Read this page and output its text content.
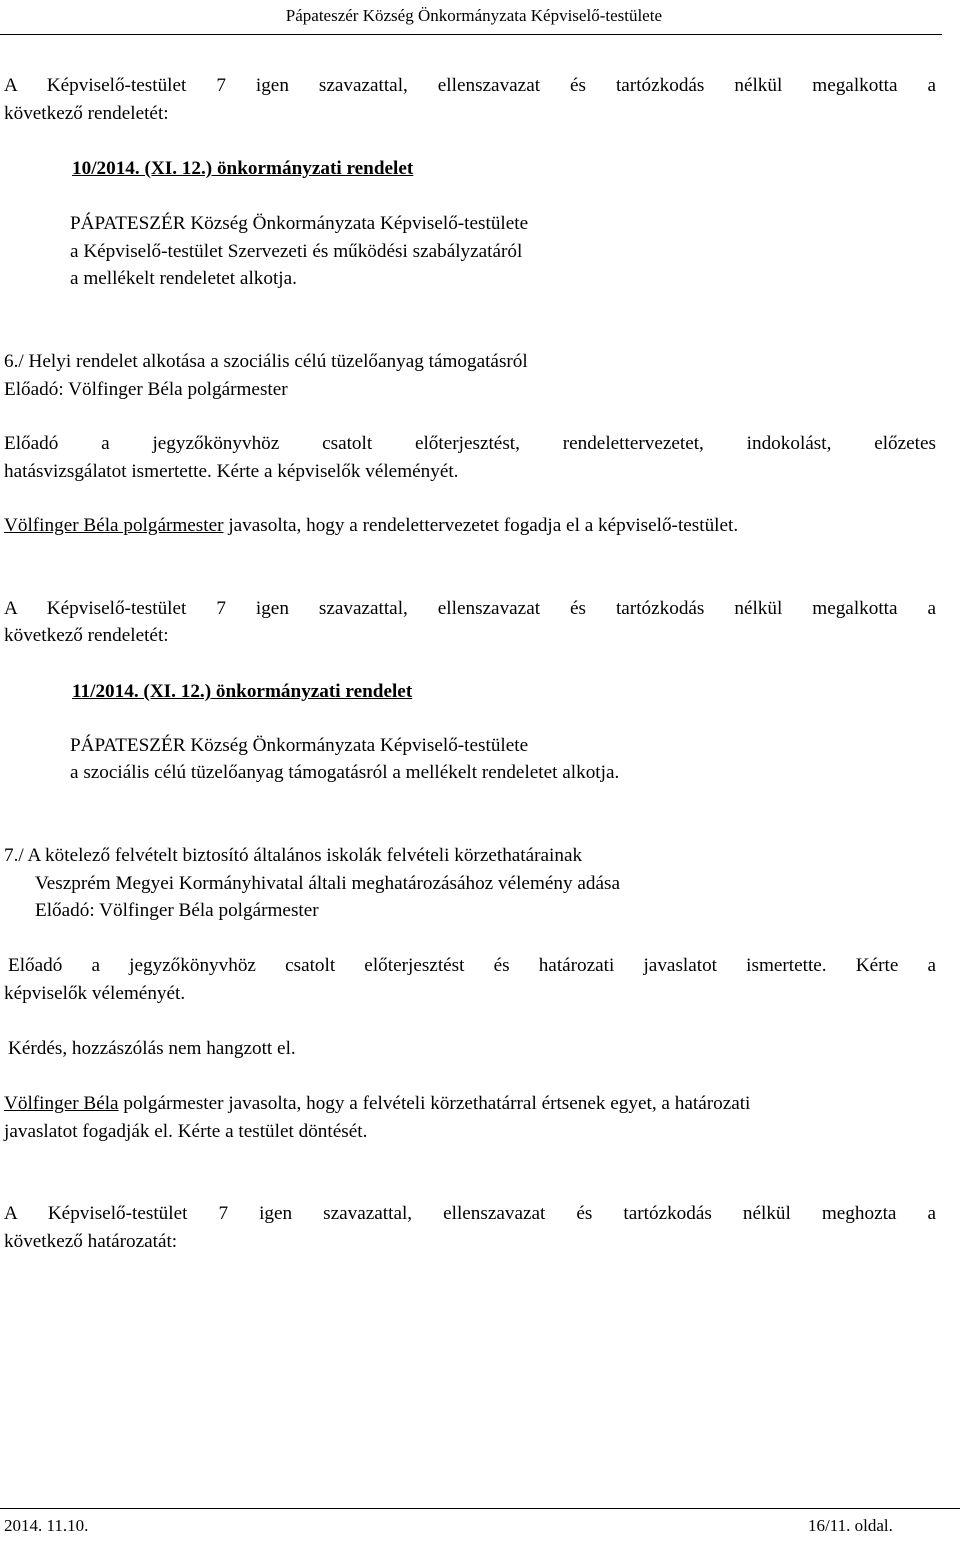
Pápateszér Község Önkormányzata Képviselő-testülete
A Képviselő-testület 7 igen szavazattal, ellenszavazat és tartózkodás nélkül megalkotta a
következő rendeletét:
10/2014. (XI. 12.) önkormányzati rendelet
PÁPATESZÉR Község Önkormányzata Képviselő-testülete
a Képviselő-testület Szervezeti és működési szabályzatáról
a mellékelt rendeletet alkotja.
6./ Helyi rendelet alkotása a szociális célú tüzelőanyag támogatásról
Előadó: Völfinger Béla polgármester
Előadó a jegyzőkönyvhöz csatolt előterjesztést, rendelettervezetet, indokolást, előzetes
hatásvizsgálatot ismertette. Kérte a képviselők véleményét.
Völfinger Béla polgármester javasolta, hogy a rendelettervezetet fogadja el a képviselő-testület.
A Képviselő-testület 7 igen szavazattal, ellenszavazat és tartózkodás nélkül megalkotta a
következő rendeletét:
11/2014. (XI. 12.) önkormányzati rendelet
PÁPATESZÉR Község Önkormányzata Képviselő-testülete
a szociális célú tüzelőanyag támogatásról a mellékelt rendeletet alkotja.
7./ A kötelező felvételt biztosító általános iskolák felvételi körzethatárainak
Veszprém Megyei Kormányhivatal általi meghatározásához vélemény adása
Előadó: Völfinger Béla polgármester
Előadó a jegyzőkönyvhöz csatolt előterjesztést és határozati javaslatot ismertette. Kérte a
képviselők véleményét.
Kérdés, hozzászólás nem hangzott el.
Völfinger Béla polgármester javasolta, hogy a felvételi körzethatárral értsenek egyet, a határozati
javaslatot fogadják el. Kérte a testület döntését.
A Képviselő-testület 7 igen szavazattal, ellenszavazat és tartózkodás nélkül meghozta a
következő határozatát:
2014. 11.10.	16/11. oldal.
